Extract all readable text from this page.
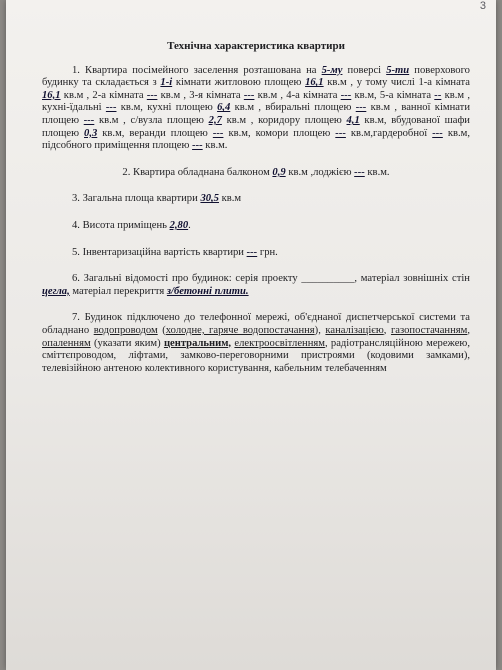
3
Технічна характеристика квартири

1. Квартира посімейного заселення розташована на 5-му поверсі 5-ти поверхового будинку та складається з 1-і кімнати житловою площею 16,1 кв.м , у тому числі 1-а кімната 16,1 кв.м , 2-а кімната --- кв.м , 3-я кімната --- кв.м , 4-а кімната --- кв.м, 5-а кімната -- кв.м , кухні-їдальні --- кв.м, кухні площею 6,4 кв.м , вбиральні площею --- кв.м , ванної кімнати площею --- кв.м , с/вузла площею 2,7 кв.м , коридору площею 4,1 кв.м, вбудованої шафи площею 0,3 кв.м, веранди площею --- кв.м, комори площею --- кв.м,гардеробної --- кв.м, підсобного приміщення площею --- кв.м.

2. Квартира обладнана балконом 0,9 кв.м ,лоджією --- кв.м.

3. Загальна площа квартири 30,5 кв.м

4. Висота приміщень 2,80.

5. Інвентаризаційна вартість квартири --- грн.

6. Загальні відомості про будинок: серія проекту __________, матеріал зовнішніх стін цегла, матеріал перекриття з/бетонні плити.

7. Будинок підключено до телефонної мережі, об'єднаної диспетчерської системи та обладнано водопроводом (холодне, гаряче водопостачання), каналізацією, газопостачанням, опаленням (указати яким) центральним, електроосвітленням, радіотрансляційною мережею, сміттєпроводом, ліфтами, замково-переговорними пристроями (кодовими замками), телевізійною антеною колективного користування, кабельним телебаченням
